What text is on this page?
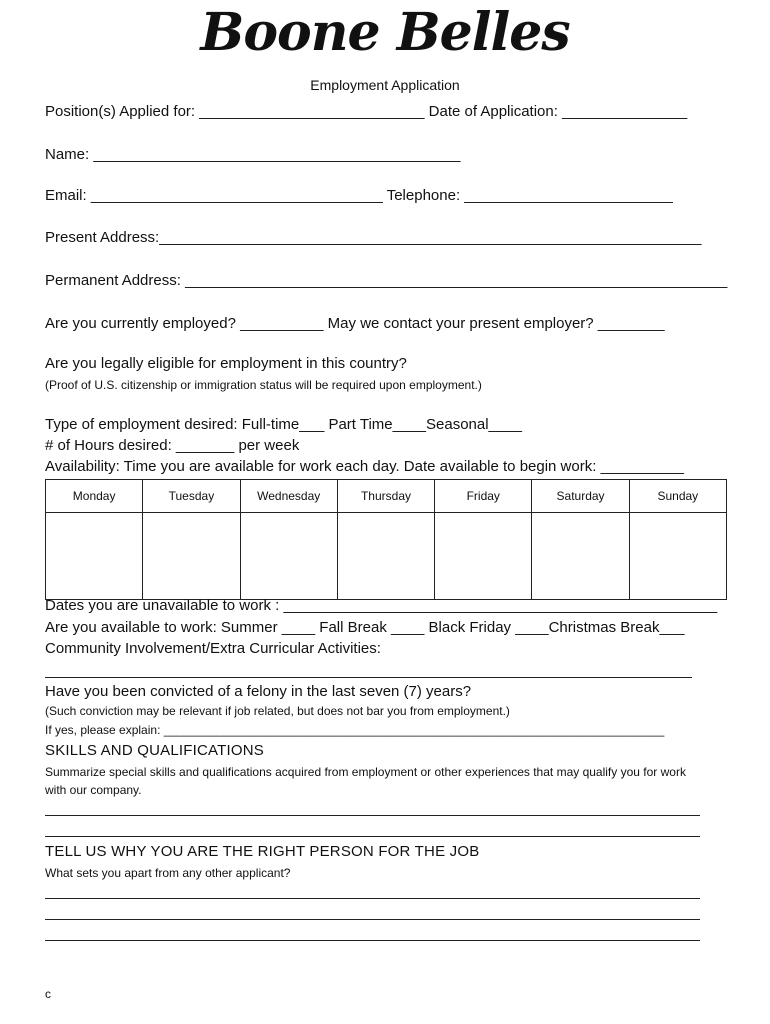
Boone Belles
Employment Application
Position(s) Applied for: ___________________________ Date of Application: _______________
Name: ____________________________________________
Email: ___________________________________ Telephone: _________________________
Present Address:_________________________________________________________________
Permanent Address: _________________________________________________________________
Are you currently employed? __________ May we contact your present employer? ________
Are you legally eligible for employment in this country?
(Proof of U.S. citizenship or immigration status will be required upon employment.)
Type of employment desired: Full-time___ Part Time____Seasonal____
# of Hours desired: _______ per week
Availability: Time you are available for work each day. Date available to begin work: __________
Monday	Tuesday	Wednesday	Thursday	Friday	Saturday	Sunday

Dates you are unavailable to work : ____________________________________________________
Are you available to work: Summer ____ Fall Break ____ Black Friday ____Christmas Break___
Community Involvement/Extra Curricular Activities:
Have you been convicted of a felony in the last seven (7) years?
(Such conviction may be relevant if job related, but does not bar you from employment.)
If yes, please explain: ___________________________________________________________________________
SKILLS AND QUALIFICATIONS
Summarize special skills and qualifications acquired from employment or other experiences that may qualify you for work
with our company.
TELL US WHY YOU ARE THE RIGHT PERSON FOR THE JOB
What sets you apart from any other applicant?
c
